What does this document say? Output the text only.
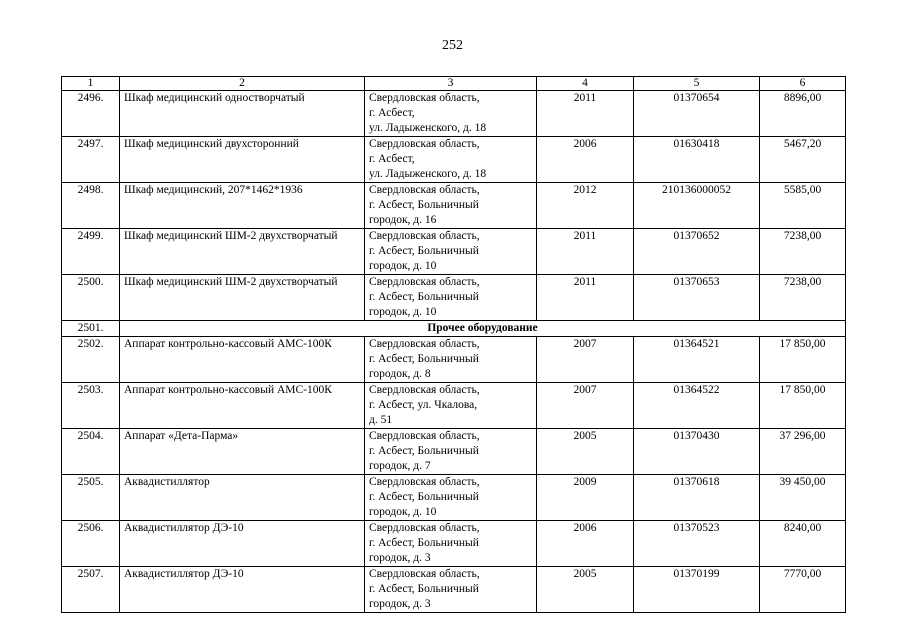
252
1	2	3	4	5	6
2496.	Шкаф медицинский одностворчатый	Свердловская область,
г. Асбест,
ул. Ладыженского, д. 18	2011	01370654	8896,00
2497.	Шкаф медицинский двухсторонний	Свердловская область,
г. Асбест,
ул. Ладыженского, д. 18	2006	01630418	5467,20
2498.	Шкаф медицинский, 207*1462*1936	Свердловская область,
г. Асбест, Больничный
городок, д. 16	2012	210136000052	5585,00
2499.	Шкаф медицинский ШМ-2 двухстворчатый	Свердловская область,
г. Асбест, Больничный
городок, д. 10	2011	01370652	7238,00
2500.	Шкаф медицинский ШМ-2 двухстворчатый	Свердловская область,
г. Асбест, Больничный
городок, д. 10	2011	01370653	7238,00
2501.	Прочее оборудование				
2502.	Аппарат контрольно-кассовый АМС-100К	Свердловская область,
г. Асбест, Больничный
городок, д. 8	2007	01364521	17 850,00
2503.	Аппарат контрольно-кассовый АМС-100К	Свердловская область,
г. Асбест, ул. Чкалова,
д. 51	2007	01364522	17 850,00
2504.	Аппарат «Дета-Парма»	Свердловская область,
г. Асбест, Больничный
городок, д. 7	2005	01370430	37 296,00
2505.	Аквадистиллятор	Свердловская область,
г. Асбест, Больничный
городок, д. 10	2009	01370618	39 450,00
2506.	Аквадистиллятор ДЭ-10	Свердловская область,
г. Асбест, Больничный
городок, д. 3	2006	01370523	8240,00
2507.	Аквадистиллятор ДЭ-10	Свердловская область,
г. Асбест, Больничный
городок, д. 3	2005	01370199	7770,00
